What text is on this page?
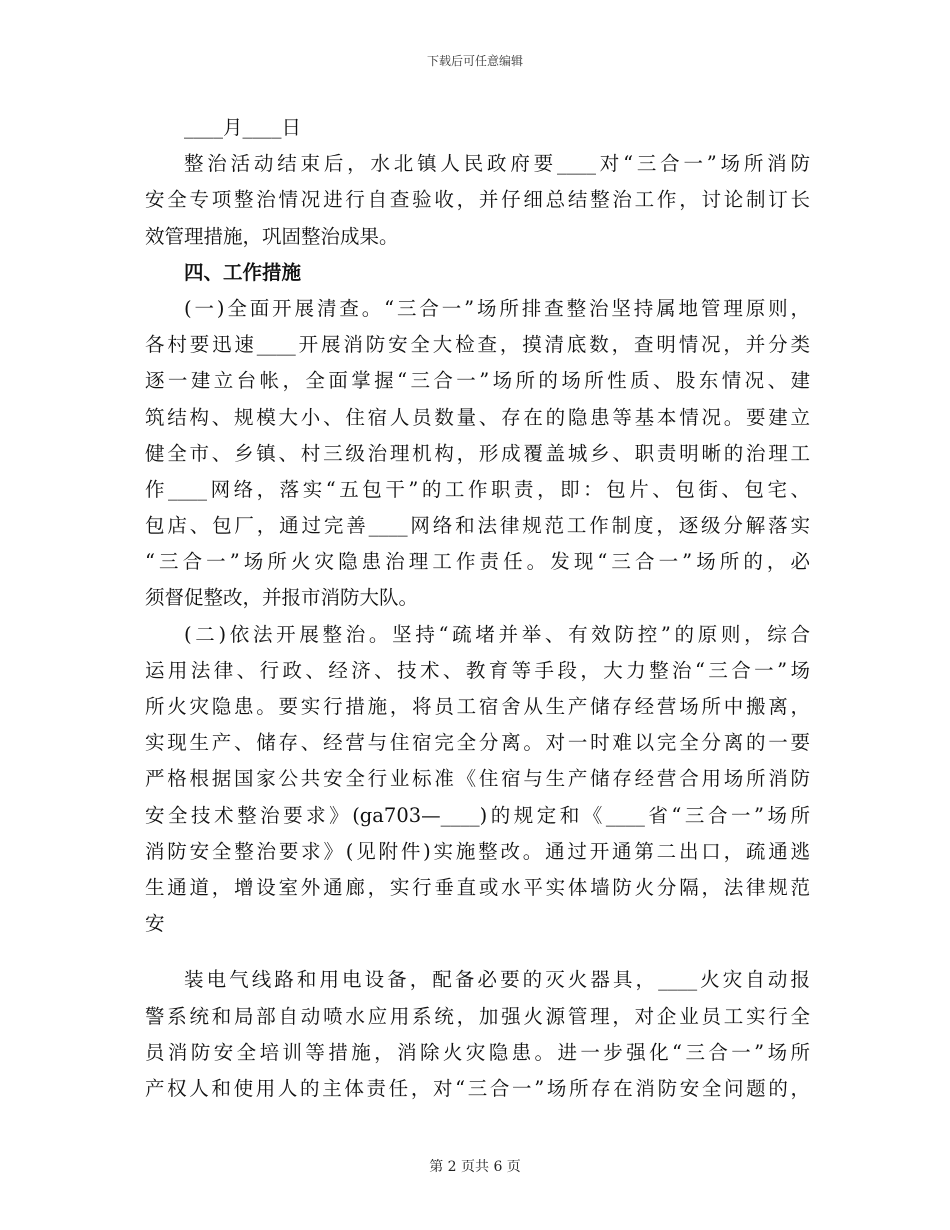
下载后可任意编辑
____月____日
整治活动结束后，水北镇人民政府要____对“三合一”场所消防
安全专项整治情况进行自查验收，并仔细总结整治工作，讨论制订长
效管理措施，巩固整治成果。
四、工作措施
(一)全面开展清查。“三合一”场所排查整治坚持属地管理原则，
各村要迅速____开展消防安全大检查，摸清底数，查明情况，并分类
逐一建立台帐，全面掌握“三合一”场所的场所性质、股东情况、建
筑结构、规模大小、住宿人员数量、存在的隐患等基本情况。要建立
健全市、乡镇、村三级治理机构，形成覆盖城乡、职责明晰的治理工
作____网络，落实“五包干”的工作职责，即：包片、包街、包宅、
包店、包厂，通过完善____网络和法律规范工作制度，逐级分解落实
“三合一”场所火灾隐患治理工作责任。发现“三合一”场所的，必
须督促整改，并报市消防大队。
(二)依法开展整治。坚持“疏堵并举、有效防控”的原则，综合
运用法律、行政、经济、技术、教育等手段，大力整治“三合一”场
所火灾隐患。要实行措施，将员工宿舍从生产储存经营场所中搬离，
实现生产、储存、经营与住宿完全分离。对一时难以完全分离的一要
严格根据国家公共安全行业标准《住宿与生产储存经营合用场所消防
安全技术整治要求》(ga703—____)的规定和《____省“三合一”场所
消防安全整治要求》(见附件)实施整改。通过开通第二出口，疏通逃
生通道，增设室外通廊，实行垂直或水平实体墙防火分隔，法律规范
安
装电气线路和用电设备，配备必要的灭火器具，____火灾自动报
警系统和局部自动喷水应用系统，加强火源管理，对企业员工实行全
员消防安全培训等措施，消除火灾隐患。进一步强化“三合一”场所
产权人和使用人的主体责任，对“三合一”场所存在消防安全问题的，
第 2 页共 6 页
